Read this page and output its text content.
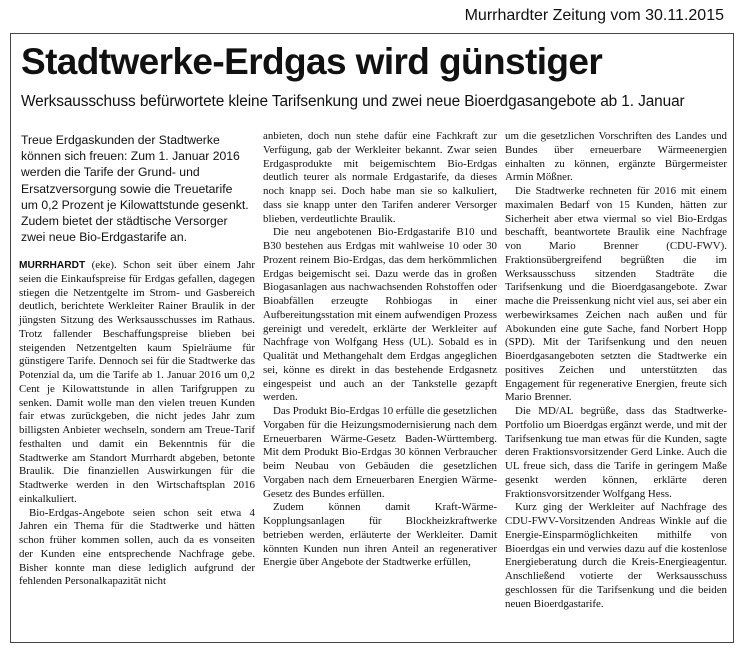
Murrhardter Zeitung vom 30.11.2015
Stadtwerke-Erdgas wird günstiger
Werksausschuss befürwortete kleine Tarifsenkung und zwei neue Bioerdgasangebote ab 1. Januar
Treue Erdgaskunden der Stadtwerke können sich freuen: Zum 1. Januar 2016 werden die Tarife der Grund- und Ersatzversorgung sowie die Treuetarife um 0,2 Prozent je Kilowattstunde gesenkt. Zudem bietet der städtische Versorger zwei neue Bio-Erdgastarife an.

MURRHARDT (eke). Schon seit über einem Jahr seien die Einkaufspreise für Erdgas gefallen, dagegen stiegen die Netzentgelte im Strom- und Gasbereich deutlich, berichtete Werkleiter Rainer Braulik in der jüngsten Sitzung des Werksausschusses im Rathaus. Trotz fallender Beschaffungspreise blieben bei steigenden Netzentgelten kaum Spielräume für günstigere Tarife. Dennoch sei für die Stadtwerke das Potenzial da, um die Tarife ab 1. Januar 2016 um 0,2 Cent je Kilowattstunde in allen Tarifgruppen zu senken. Damit wolle man den vielen treuen Kunden fair etwas zurückgeben, die nicht jedes Jahr zum billigsten Anbieter wechseln, sondern am Treue-Tarif festhalten und damit ein Bekenntnis für die Stadtwerke am Standort Murrhardt abgeben, betonte Braulik. Die finanziellen Auswirkungen für die Stadtwerke werden in den Wirtschaftsplan 2016 einkalkuliert.

Bio-Erdgas-Angebote seien schon seit etwa 4 Jahren ein Thema für die Stadtwerke und hätten schon früher kommen sollen, auch da es vonseiten der Kunden eine entsprechende Nachfrage gebe. Bisher konnte man diese lediglich aufgrund der fehlenden Personalkapazität nicht

anbieten, doch nun stehe dafür eine Fachkraft zur Verfügung, gab der Werkleiter bekannt. Zwar seien Erdgasprodukte mit beigemischtem Bio-Erdgas deutlich teurer als normale Erdgastarife, da dieses noch knapp sei. Doch habe man sie so kalkuliert, dass sie knapp unter den Tarifen anderer Versorger blieben, verdeutlichte Braulik.

Die neu angebotenen Bio-Erdgastarife B10 und B30 bestehen aus Erdgas mit wahlweise 10 oder 30 Prozent reinem Bio-Erdgas, das dem herkömmlichen Erdgas beigemischt sei. Dazu werde das in großen Biogasanlagen aus nachwachsenden Rohstoffen oder Bioabfällen erzeugte Rohbiogas in einer Aufbereitungsstation mit einem aufwendigen Prozess gereinigt und veredelt, erklärte der Werkleiter auf Nachfrage von Wolfgang Hess (UL). Sobald es in Qualität und Methangehalt dem Erdgas angeglichen sei, könne es direkt in das bestehende Erdgasnetz eingespeist und auch an der Tankstelle gezapft werden.

Das Produkt Bio-Erdgas 10 erfülle die gesetzlichen Vorgaben für die Heizungsmodernisierung nach dem Erneuerbaren Wärme-Gesetz Baden-Württemberg. Mit dem Produkt Bio-Erdgas 30 können Verbraucher beim Neubau von Gebäuden die gesetzlichen Vorgaben nach dem Erneuerbaren Energien Wärme-Gesetz des Bundes erfüllen.

Zudem können damit Kraft-Wärme-Kopplungsanlagen für Blockheizkraftwerke betrieben werden, erläuterte der Werkleiter. Damit könnten Kunden nun ihren Anteil an regenerativer Energie über Angebote der Stadtwerke erfüllen,

um die gesetzlichen Vorschriften des Landes und Bundes über erneuerbare Wärmeenergien einhalten zu können, ergänzte Bürgermeister Armin Mößner.

Die Stadtwerke rechneten für 2016 mit einem maximalen Bedarf von 15 Kunden, hätten zur Sicherheit aber etwa viermal so viel Bio-Erdgas beschafft, beantwortete Braulik eine Nachfrage von Mario Brenner (CDU-FWV). Fraktionsübergreifend begrüßten die im Werksausschuss sitzenden Stadträte die Tarifsenkung und die Bioerdgasangebote. Zwar mache die Preissenkung nicht viel aus, sei aber ein werbewirksames Zeichen nach außen und für Abokunden eine gute Sache, fand Norbert Hopp (SPD). Mit der Tarifsenkung und den neuen Bioerdgasangeboten setzten die Stadtwerke ein positives Zeichen und unterstützten das Engagement für regenerative Energien, freute sich Mario Brenner.

Die MD/AL begrüße, dass das Stadtwerke-Portfolio um Bioerdgas ergänzt werde, und mit der Tarifsenkung tue man etwas für die Kunden, sagte deren Fraktionsvorsitzender Gerd Linke. Auch die UL freue sich, dass die Tarife in geringem Maße gesenkt werden können, erklärte deren Fraktionsvorsitzender Wolfgang Hess.

Kurz ging der Werkleiter auf Nachfrage des CDU-FWV-Vorsitzenden Andreas Winkle auf die Energie-Einsparmöglichkeiten mithilfe von Bioerdgas ein und verwies dazu auf die kostenlose Energieberatung durch die Kreis-Energieagentur. Anschließend votierte der Werksausschuss geschlossen für die Tarifsenkung und die beiden neuen Bioerdgastarife.
